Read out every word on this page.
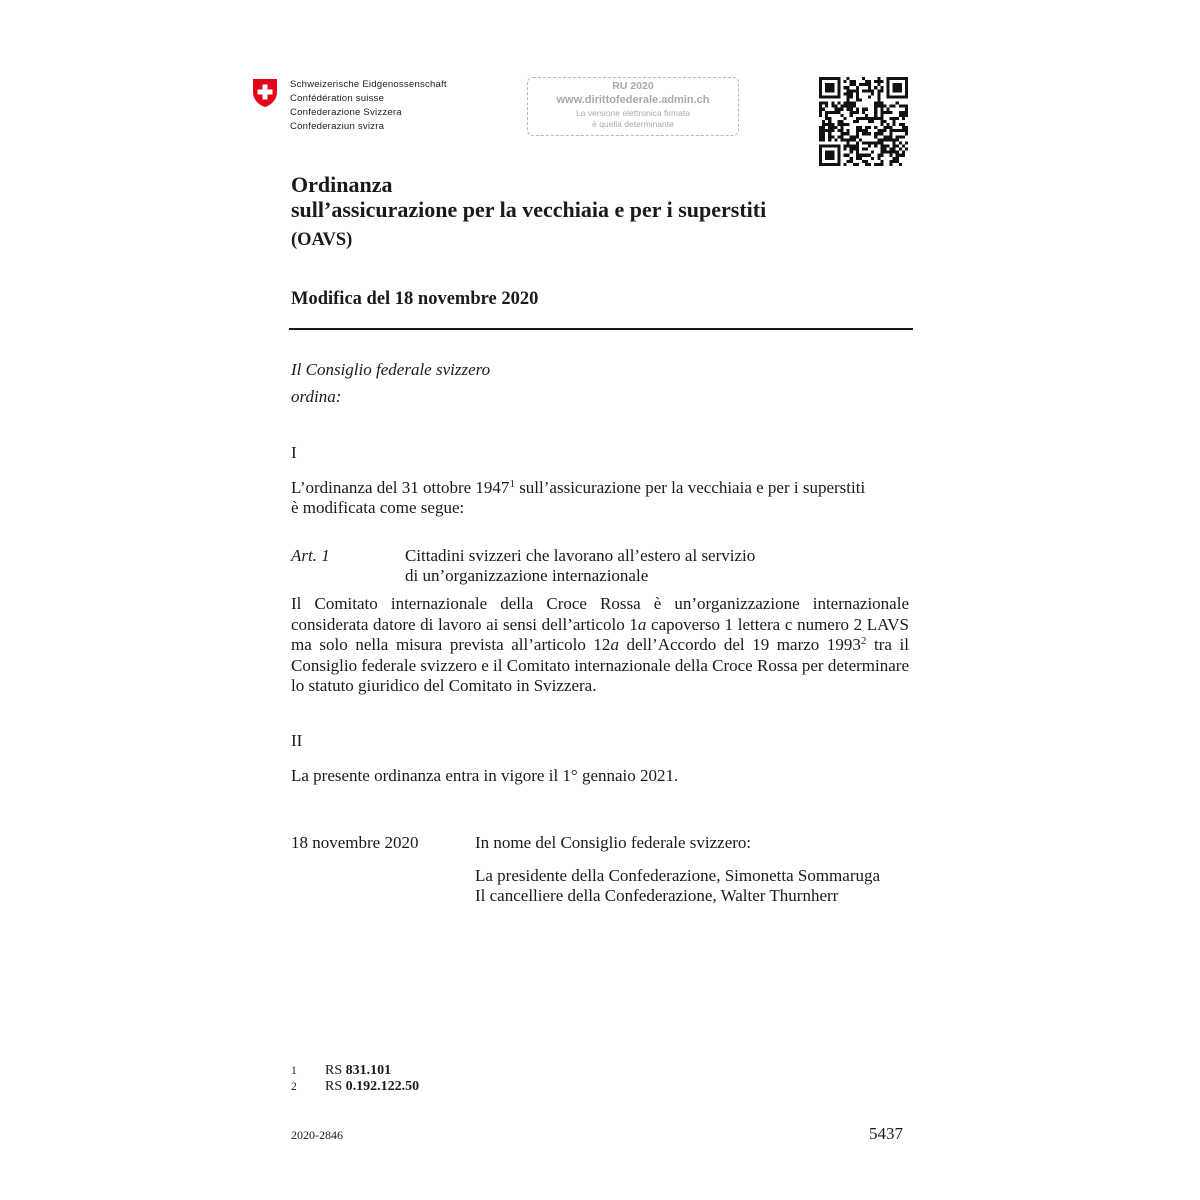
Schweizerische Eidgenossenschaft
Confédération suisse
Confederazione Svizzera
Confederaziun svizra
RU 2020
www.dirittofederale.admin.ch
La versione elettronica firmata
è quella determinante
Ordinanza
sull’assicurazione per la vecchiaia e per i superstiti
(OAVS)
Modifica del 18 novembre 2020
Il Consiglio federale svizzero
ordina:
I
L’ordinanza del 31 ottobre 1947$^1$ sull’assicurazione per la vecchiaia e per i superstiti
è modificata come segue:
Art. 1	Cittadini svizzeri che lavorano all’estero al servizio
di un’organizzazione internazionale
Il Comitato internazionale della Croce Rossa è un’organizzazione internazionale considerata datore di lavoro ai sensi dell’articolo 1a capoverso 1 lettera c numero 2 LAVS ma solo nella misura prevista all’articolo 12a dell’Accordo del 19 marzo 1993$^2$ tra il Consiglio federale svizzero e il Comitato internazionale della Croce Rossa per determinare lo statuto giuridico del Comitato in Svizzera.
II
La presente ordinanza entra in vigore il 1° gennaio 2021.
18 novembre 2020	In nome del Consiglio federale svizzero:
La presidente della Confederazione, Simonetta Sommaruga
Il cancelliere della Confederazione, Walter Thurnherr
1 RS 831.101
2 RS 0.192.122.50
2020-2846	5437
